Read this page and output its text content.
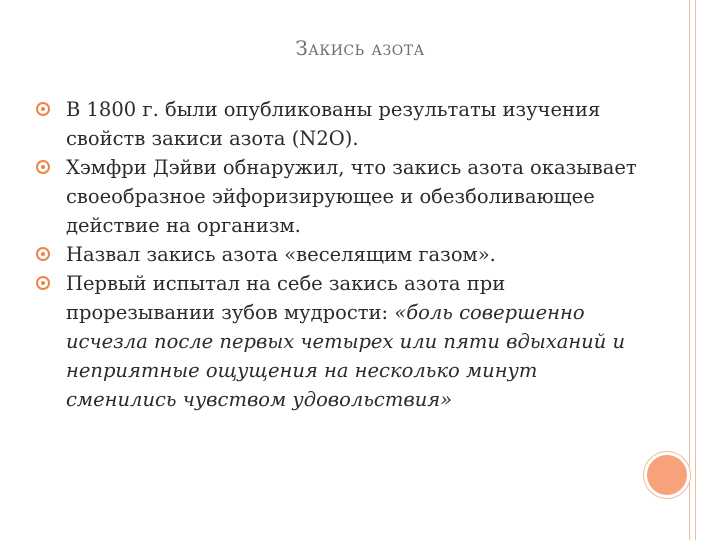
Закись азота
В 1800 г. были опубликованы результаты изучения свойств закиси азота (N2O).
Хэмфри Дэйви обнаружил, что закись азота оказывает своеобразное эйфоризирующее и обезболивающее действие на организм.
Назвал закись азота «веселящим газом».
Первый испытал на себе закись азота при прорезывании зубов мудрости: «боль совершенно исчезла после первых четырех или пяти вдыханий и неприятные ощущения на несколько минут сменились чувством удовольствия»
